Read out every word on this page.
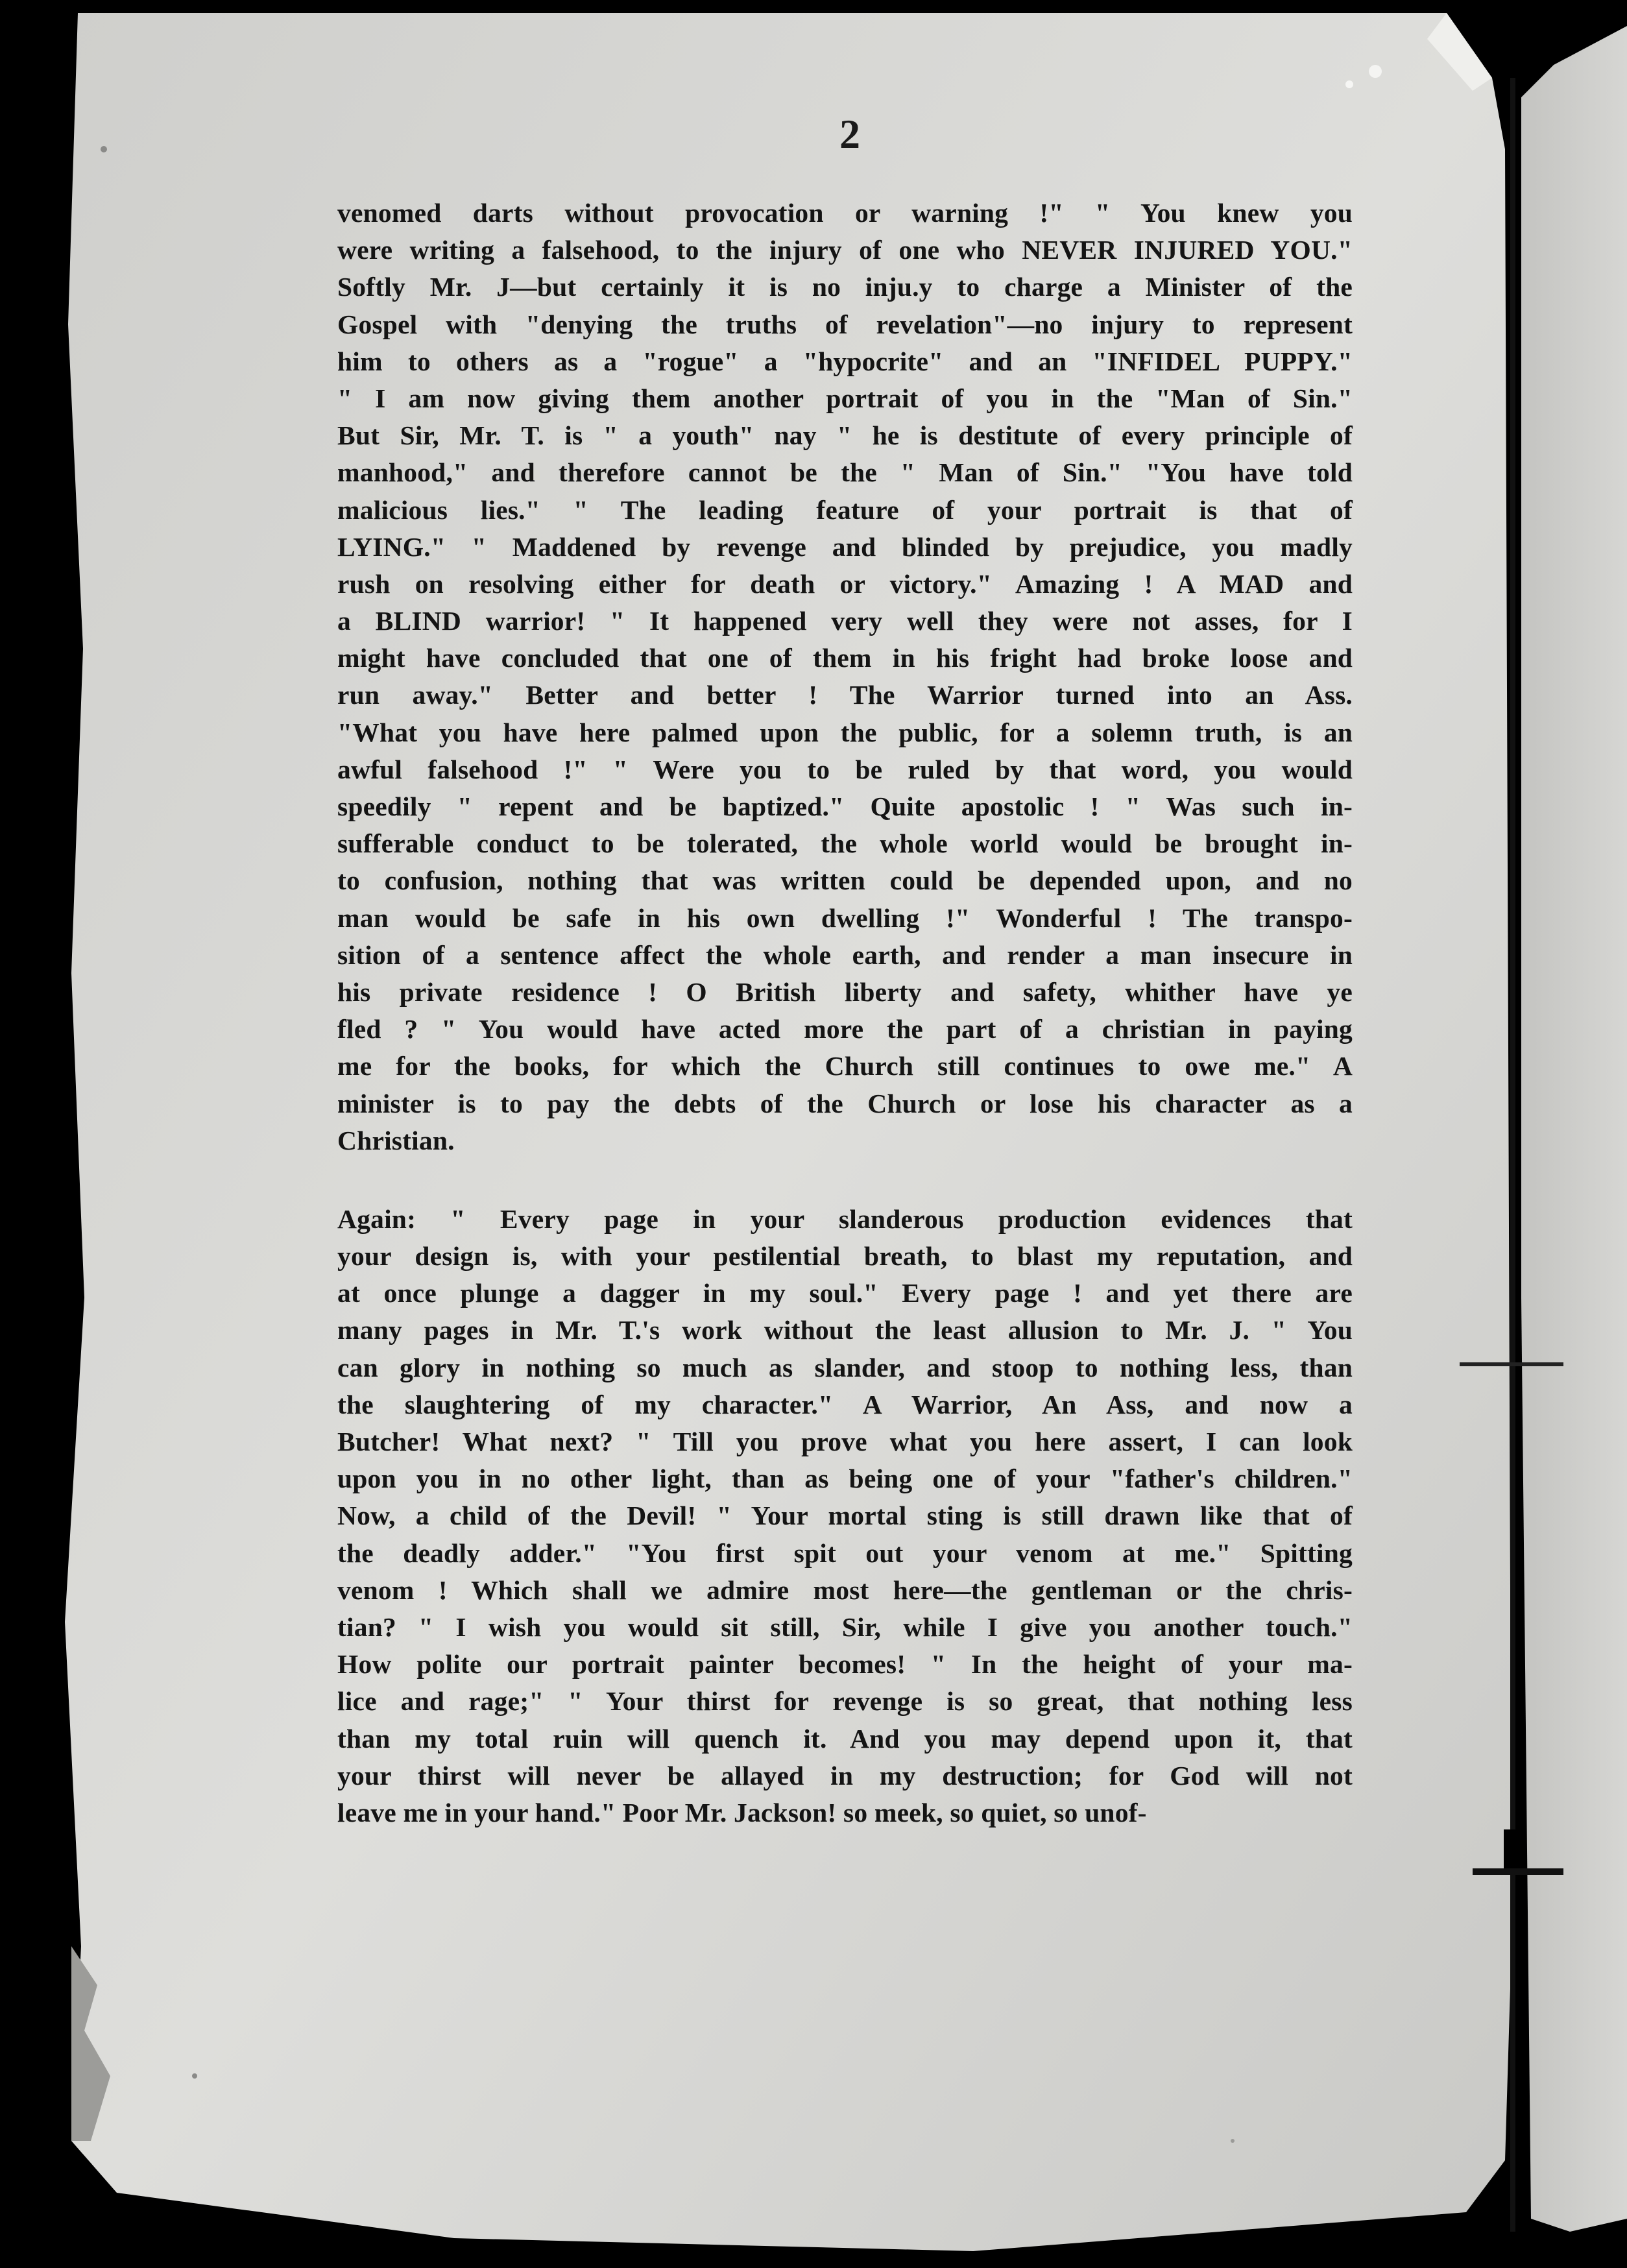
2
venomed darts without provocation or warning !" " You knew you
were writing a falsehood, to the injury of one who NEVER INJURED YOU."
Softly Mr. J—but certainly it is no inju.y to charge a Minister of the
Gospel with "denying the truths of revelation"—no injury to represent
him to others as a "rogue" a "hypocrite" and an "INFIDEL PUPPY."
" I am now giving them another portrait of you in the "Man of Sin."
But Sir, Mr. T. is " a youth" nay " he is destitute of every principle of
manhood," and therefore cannot be the " Man of Sin." "You have told
malicious lies." " The leading feature of your portrait is that of
LYING." " Maddened by revenge and blinded by prejudice, you madly
rush on resolving either for death or victory." Amazing ! A MAD and
a BLIND warrior! " It happened very well they were not asses, for I
might have concluded that one of them in his fright had broke loose and
run away." Better and better ! The Warrior turned into an Ass.
"What you have here palmed upon the public, for a solemn truth, is an
awful falsehood !" " Were you to be ruled by that word, you would
speedily " repent and be baptized." Quite apostolic ! " Was such in-
sufferable conduct to be tolerated, the whole world would be brought in-
to confusion, nothing that was written could be depended upon, and no
man would be safe in his own dwelling !" Wonderful ! The transpo-
sition of a sentence affect the whole earth, and render a man insecure in
his private residence ! O British liberty and safety, whither have ye
fled ? " You would have acted more the part of a christian in paying
me for the books, for which the Church still continues to owe me." A
minister is to pay the debts of the Church or lose his character as a
Christian.
Again: " Every page in your slanderous production evidences that
your design is, with your pestilential breath, to blast my reputation, and
at once plunge a dagger in my soul." Every page ! and yet there are
many pages in Mr. T.'s work without the least allusion to Mr. J. " You
can glory in nothing so much as slander, and stoop to nothing less, than
the slaughtering of my character." A Warrior, An Ass, and now a
Butcher! What next? " Till you prove what you here assert, I can look
upon you in no other light, than as being one of your "father's children."
Now, a child of the Devil! " Your mortal sting is still drawn like that of
the deadly adder." "You first spit out your venom at me." Spitting
venom ! Which shall we admire most here—the gentleman or the chris-
tian? " I wish you would sit still, Sir, while I give you another touch."
How polite our portrait painter becomes! " In the height of your ma-
lice and rage;" " Your thirst for revenge is so great, that nothing less
than my total ruin will quench it. And you may depend upon it, that
your thirst will never be allayed in my destruction; for God will not
leave me in your hand." Poor Mr. Jackson! so meek, so quiet, so unof-
